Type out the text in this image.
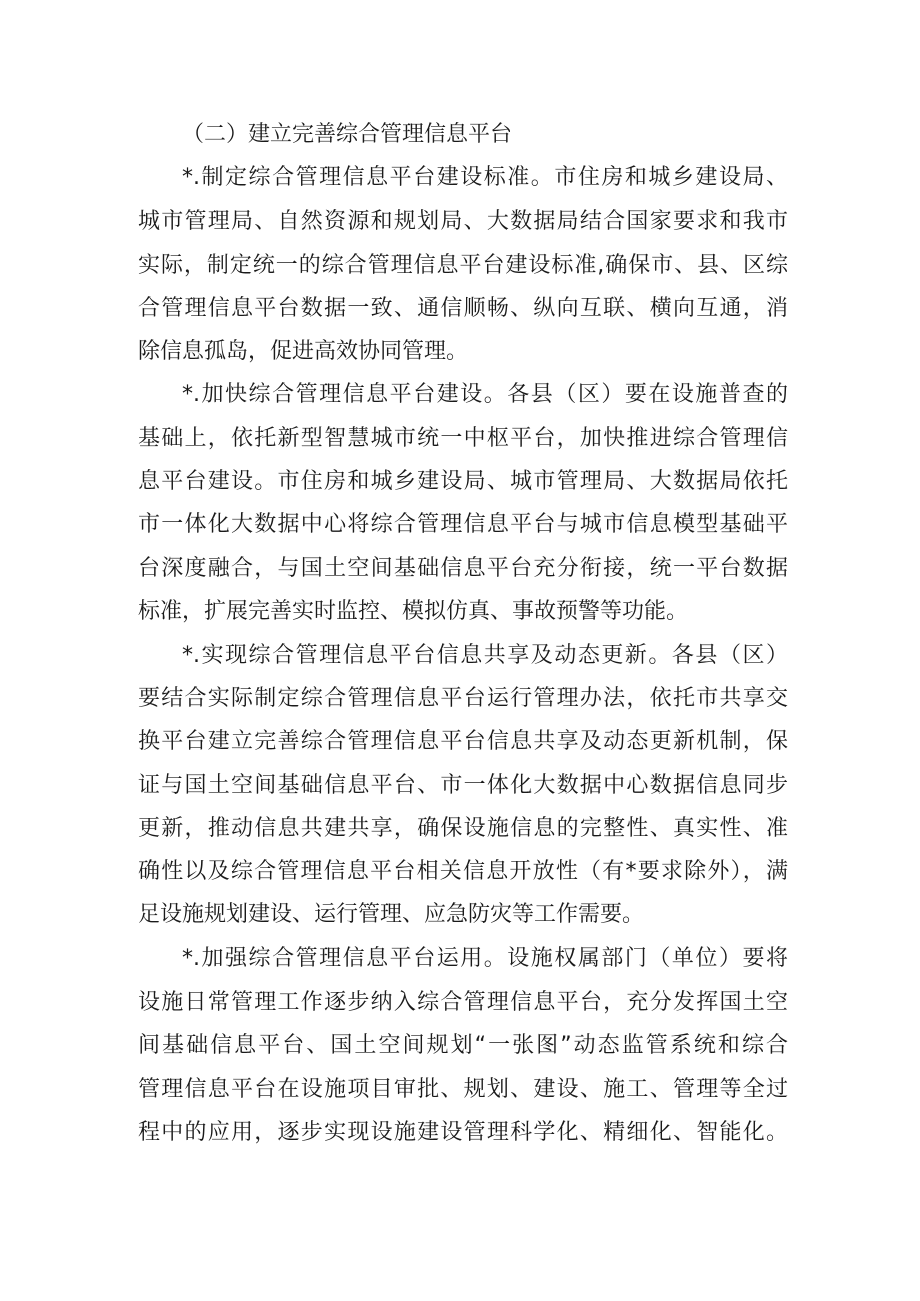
（二）建立完善综合管理信息平台
*.制定综合管理信息平台建设标准。市住房和城乡建设局、
城市管理局、自然资源和规划局、大数据局结合国家要求和我市
实际，制定统一的综合管理信息平台建设标准,确保市、县、区综
合管理信息平台数据一致、通信顺畅、纵向互联、横向互通，消
除信息孤岛，促进高效协同管理。
*.加快综合管理信息平台建设。各县（区）要在设施普查的
基础上，依托新型智慧城市统一中枢平台，加快推进综合管理信
息平台建设。市住房和城乡建设局、城市管理局、大数据局依托
市一体化大数据中心将综合管理信息平台与城市信息模型基础平
台深度融合，与国土空间基础信息平台充分衔接，统一平台数据
标准，扩展完善实时监控、模拟仿真、事故预警等功能。
*.实现综合管理信息平台信息共享及动态更新。各县（区）
要结合实际制定综合管理信息平台运行管理办法，依托市共享交
换平台建立完善综合管理信息平台信息共享及动态更新机制，保
证与国土空间基础信息平台、市一体化大数据中心数据信息同步
更新，推动信息共建共享，确保设施信息的完整性、真实性、准
确性以及综合管理信息平台相关信息开放性（有*要求除外），满
足设施规划建设、运行管理、应急防灾等工作需要。
*.加强综合管理信息平台运用。设施权属部门（单位）要将
设施日常管理工作逐步纳入综合管理信息平台，充分发挥国土空
间基础信息平台、国土空间规划“一张图”动态监管系统和综合
管理信息平台在设施项目审批、规划、建设、施工、管理等全过
程中的应用，逐步实现设施建设管理科学化、精细化、智能化。
